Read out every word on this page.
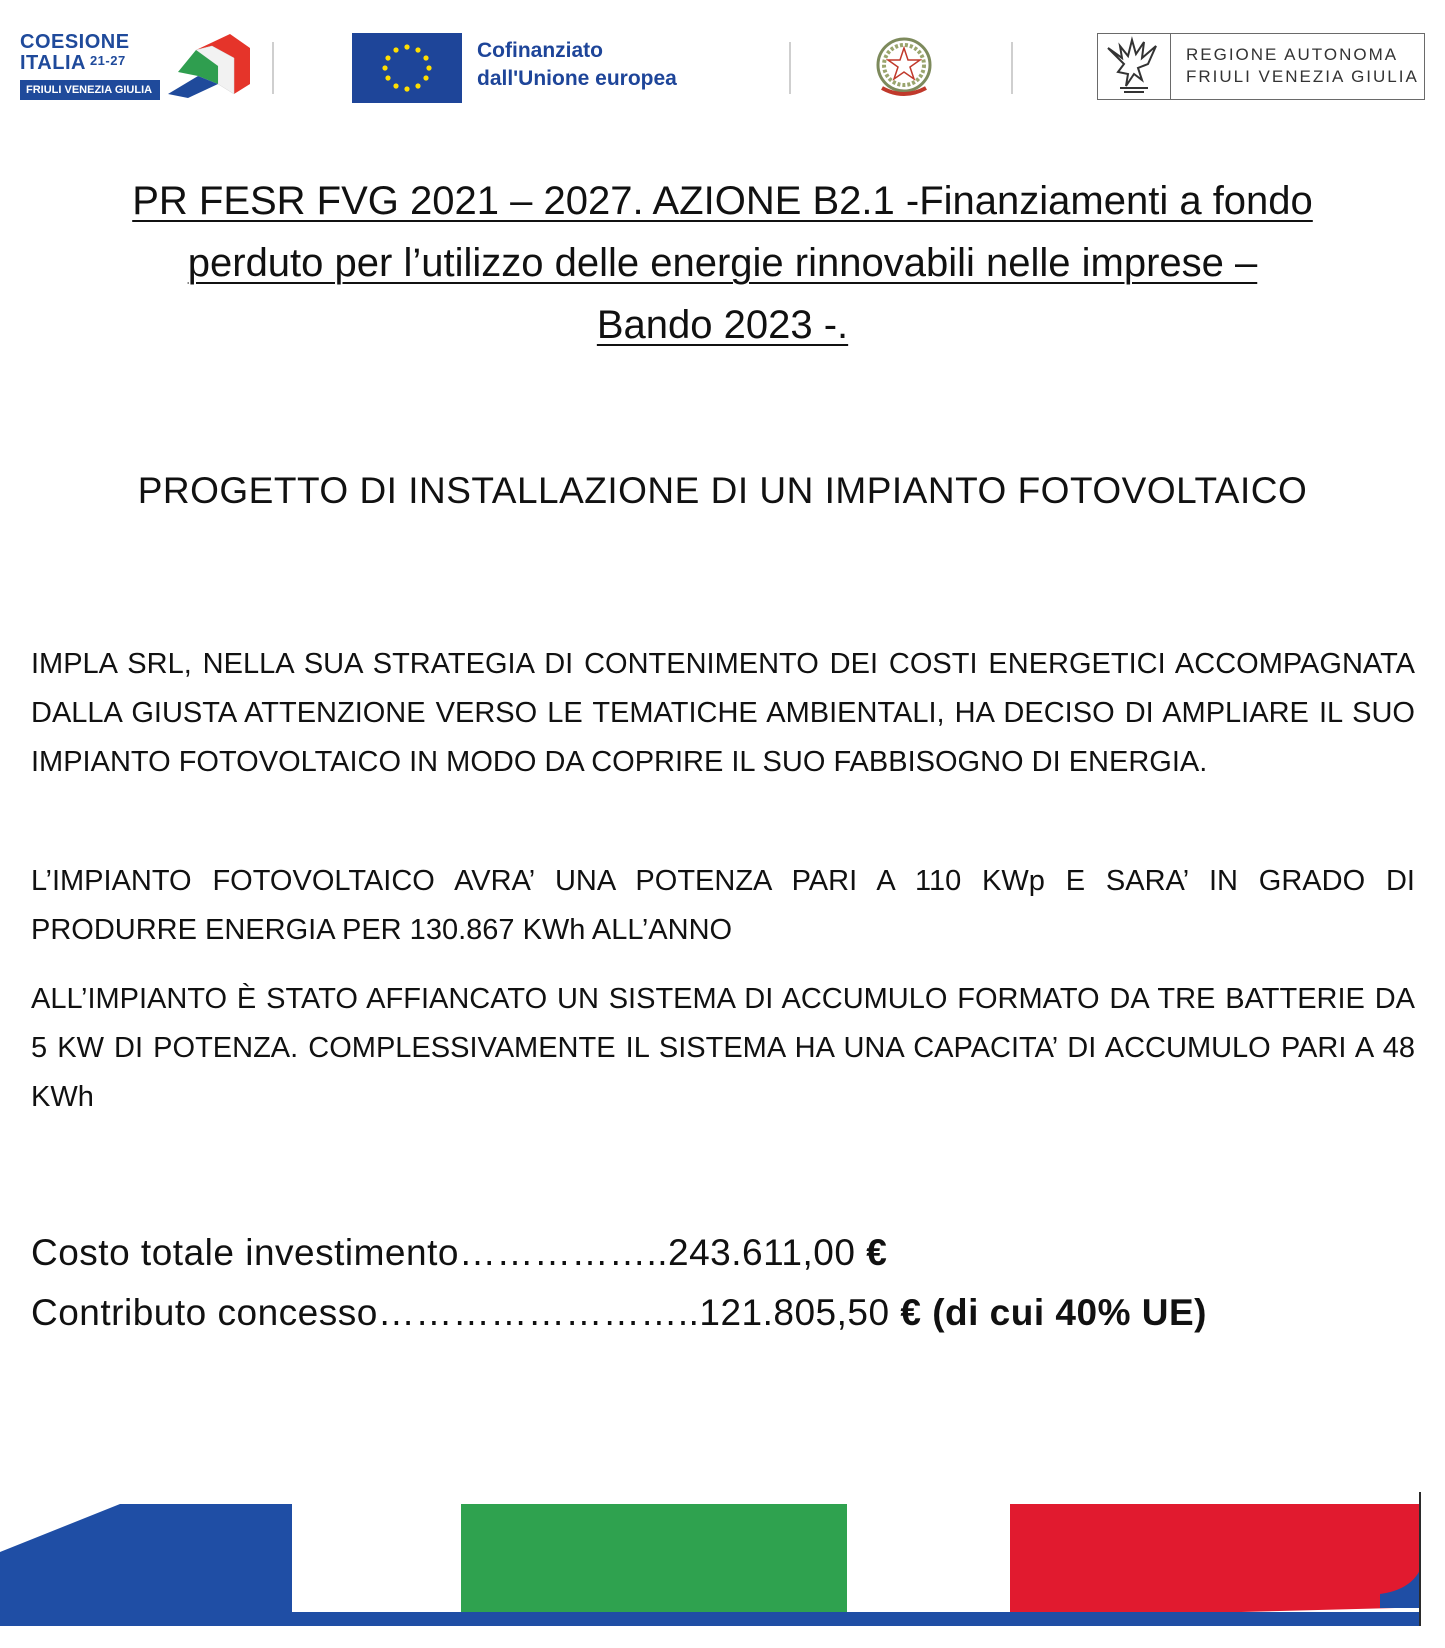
COESIONE
ITALIA $^{21-27}$
FRIULI VENEZIA GIULIA
Cofinanziato
dall'Unione europea
REGIONE AUTONOMA
FRIULI VENEZIA GIULIA
PR FESR FVG 2021 – 2027. AZIONE B2.1 -Finanziamenti a fondo
perduto per l’utilizzo delle energie rinnovabili nelle imprese –
Bando 2023 -.
PROGETTO DI INSTALLAZIONE DI UN IMPIANTO FOTOVOLTAICO
IMPLA SRL, NELLA SUA STRATEGIA DI CONTENIMENTO DEI COSTI ENERGETICI ACCOMPAGNATA DALLA GIUSTA ATTENZIONE VERSO LE TEMATICHE AMBIENTALI, HA DECISO DI AMPLIARE IL SUO IMPIANTO FOTOVOLTAICO IN MODO DA COPRIRE IL SUO FABBISOGNO DI ENERGIA.
L’IMPIANTO FOTOVOLTAICO AVRA’ UNA POTENZA PARI A 110 KWp E SARA’ IN GRADO DI PRODURRE ENERGIA PER 130.867 KWh ALL’ANNO
ALL’IMPIANTO È STATO AFFIANCATO UN SISTEMA DI ACCUMULO FORMATO DA TRE BATTERIE DA 5 KW DI POTENZA. COMPLESSIVAMENTE IL SISTEMA HA UNA CAPACITA’ DI ACCUMULO PARI A 48 KWh
Costo totale investimento……………..243.611,00 €
Contributo concesso……………………..121.805,50 € (di cui 40% UE)
